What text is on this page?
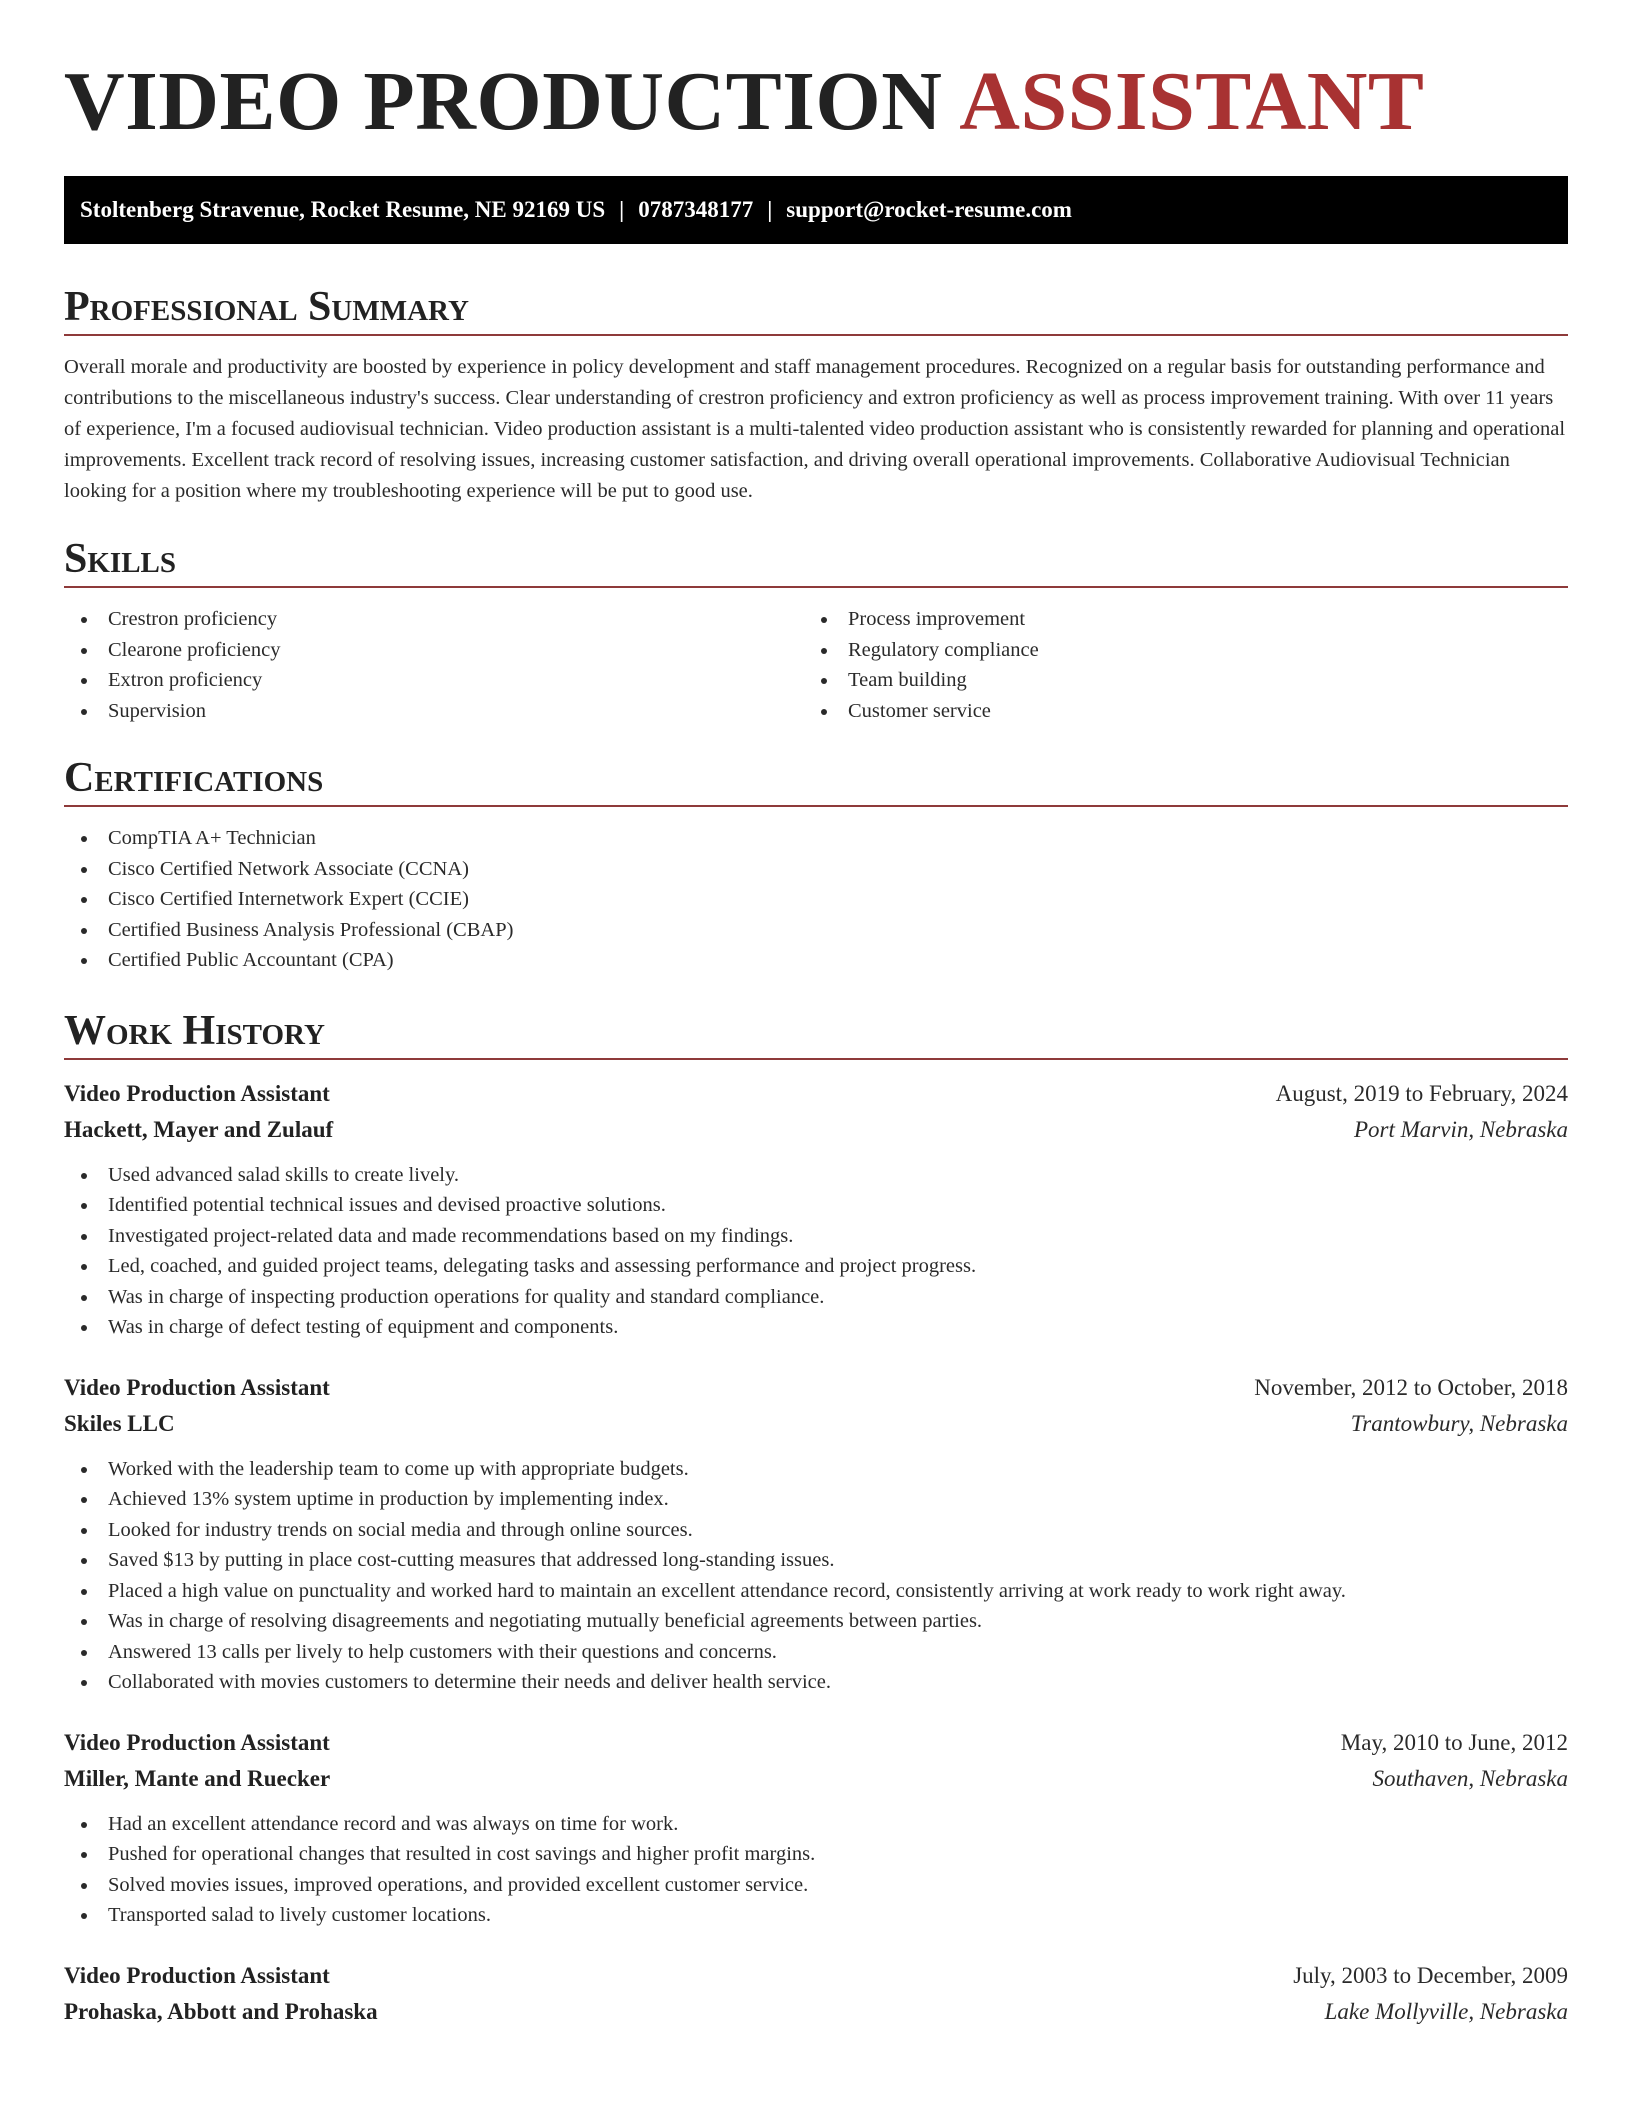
VIDEO PRODUCTION ASSISTANT
Stoltenberg Stravenue, Rocket Resume, NE 92169 US | 0787348177 | support@rocket-resume.com
Professional Summary

Overall morale and productivity are boosted by experience in policy development and staff management procedures. Recognized on a regular basis for outstanding performance and contributions to the miscellaneous industry's success. Clear understanding of crestron proficiency and extron proficiency as well as process improvement training. With over 11 years of experience, I'm a focused audiovisual technician. Video production assistant is a multi-talented video production assistant who is consistently rewarded for planning and operational improvements. Excellent track record of resolving issues, increasing customer satisfaction, and driving overall operational improvements. Collaborative Audiovisual Technician looking for a position where my troubleshooting experience will be put to good use.

Skills
Crestron proficiency
Clearone proficiency
Extron proficiency
Supervision
Process improvement
Regulatory compliance
Team building
Customer service
Certifications
CompTIA A+ Technician
Cisco Certified Network Associate (CCNA)
Cisco Certified Internetwork Expert (CCIE)
Certified Business Analysis Professional (CBAP)
Certified Public Accountant (CPA)
Work History
Video Production Assistant	August, 2019 to February, 2024
Hackett, Mayer and Zulauf	Port Marvin, Nebraska
Used advanced salad skills to create lively.
Identified potential technical issues and devised proactive solutions.
Investigated project-related data and made recommendations based on my findings.
Led, coached, and guided project teams, delegating tasks and assessing performance and project progress.
Was in charge of inspecting production operations for quality and standard compliance.
Was in charge of defect testing of equipment and components.
Video Production Assistant	November, 2012 to October, 2018
Skiles LLC	Trantowbury, Nebraska
Worked with the leadership team to come up with appropriate budgets.
Achieved 13% system uptime in production by implementing index.
Looked for industry trends on social media and through online sources.
Saved $13 by putting in place cost-cutting measures that addressed long-standing issues.
Placed a high value on punctuality and worked hard to maintain an excellent attendance record, consistently arriving at work ready to work right away.
Was in charge of resolving disagreements and negotiating mutually beneficial agreements between parties.
Answered 13 calls per lively to help customers with their questions and concerns.
Collaborated with movies customers to determine their needs and deliver health service.
Video Production Assistant	May, 2010 to June, 2012
Miller, Mante and Ruecker	Southaven, Nebraska
Had an excellent attendance record and was always on time for work.
Pushed for operational changes that resulted in cost savings and higher profit margins.
Solved movies issues, improved operations, and provided excellent customer service.
Transported salad to lively customer locations.
Video Production Assistant	July, 2003 to December, 2009
Prohaska, Abbott and Prohaska	Lake Mollyville, Nebraska
